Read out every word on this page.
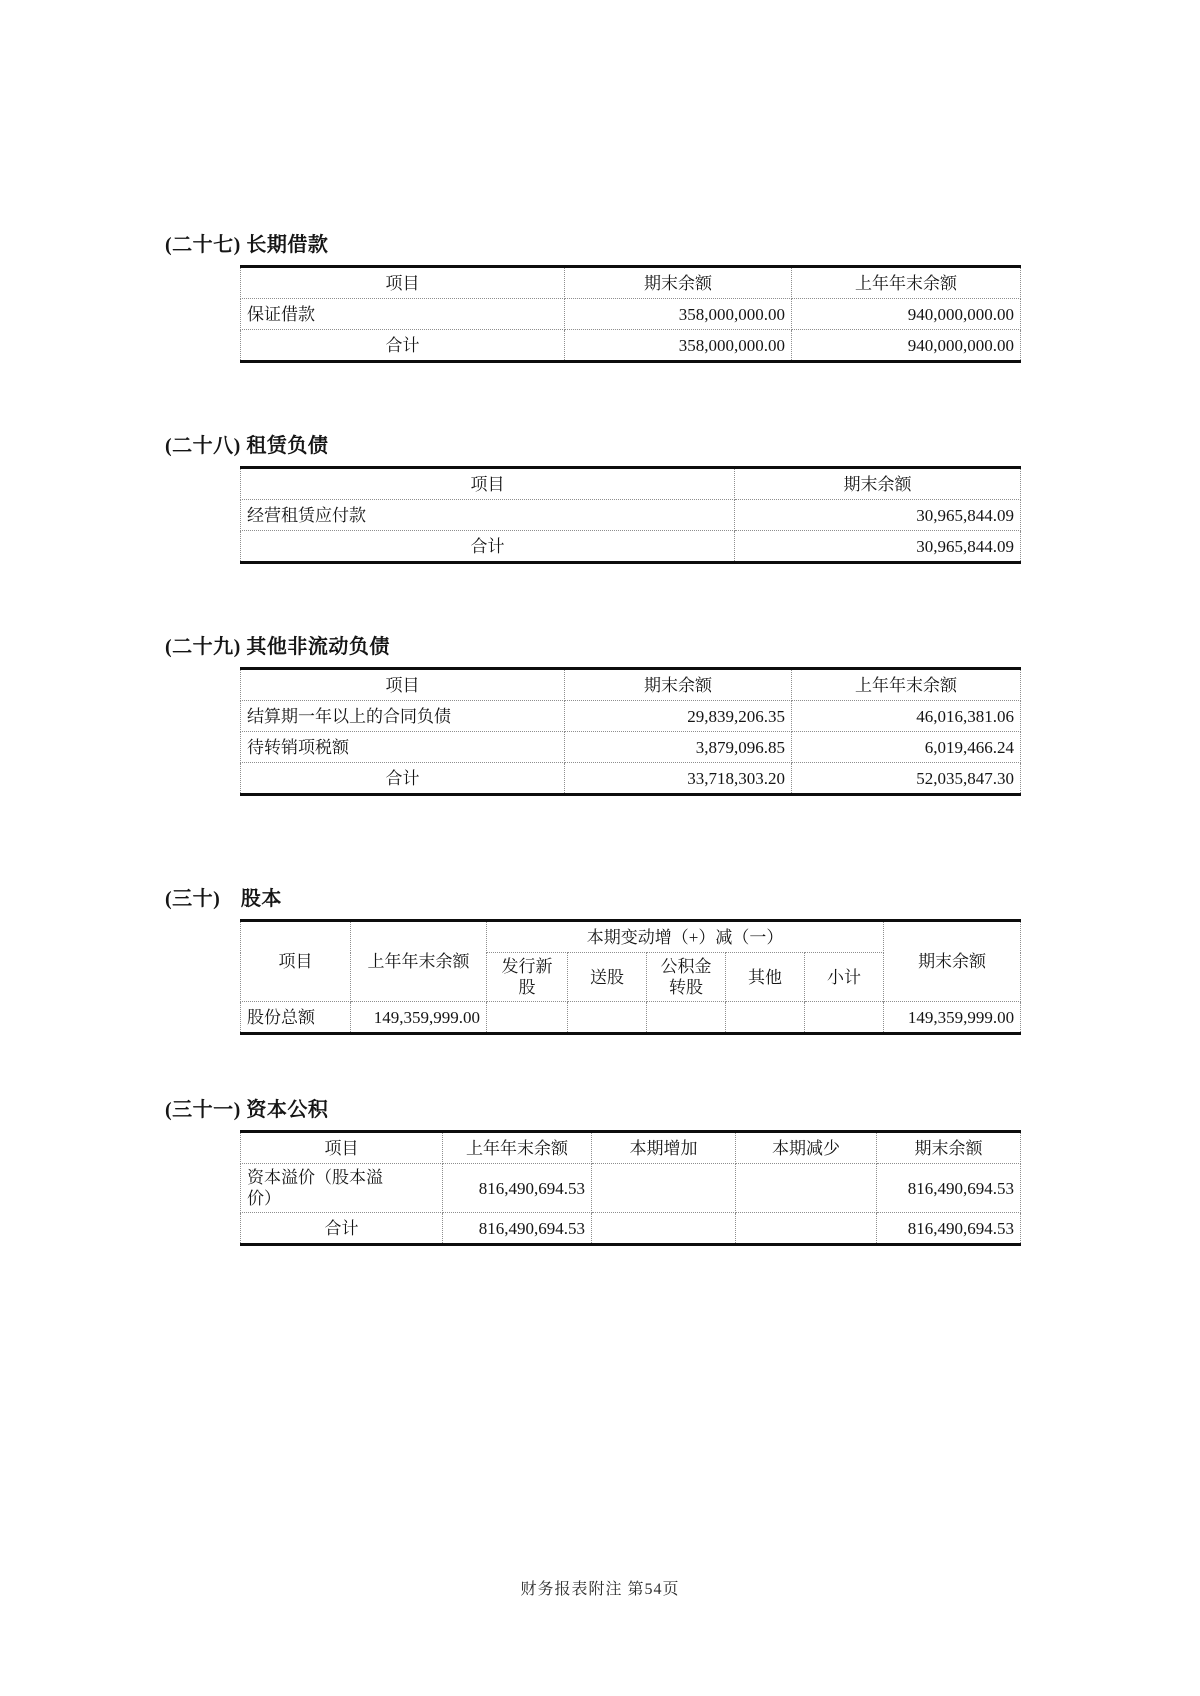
(二十七) 长期借款
项目	期末余额	上年年末余额
保证借款	358,000,000.00	940,000,000.00
合计	358,000,000.00	940,000,000.00
(二十八) 租赁负债
项目	期末余额
经营租赁应付款	30,965,844.09
合计	30,965,844.09
(二十九) 其他非流动负债
项目	期末余额	上年年末余额
结算期一年以上的合同负债	29,839,206.35	46,016,381.06
待转销项税额	3,879,096.85	6,019,466.24
合计	33,718,303.20	52,035,847.30
(三十)　股本
项目	上年年末余额	本期变动增（+）减（一）					期末余额
		发行新股	送股	公积金转股	其他	小计	
股份总额	149,359,999.00						149,359,999.00
(三十一) 资本公积
项目	上年年末余额	本期增加	本期减少	期末余额
资本溢价（股本溢价）	816,490,694.53			816,490,694.53
合计	816,490,694.53			816,490,694.53
财务报表附注 第54页
